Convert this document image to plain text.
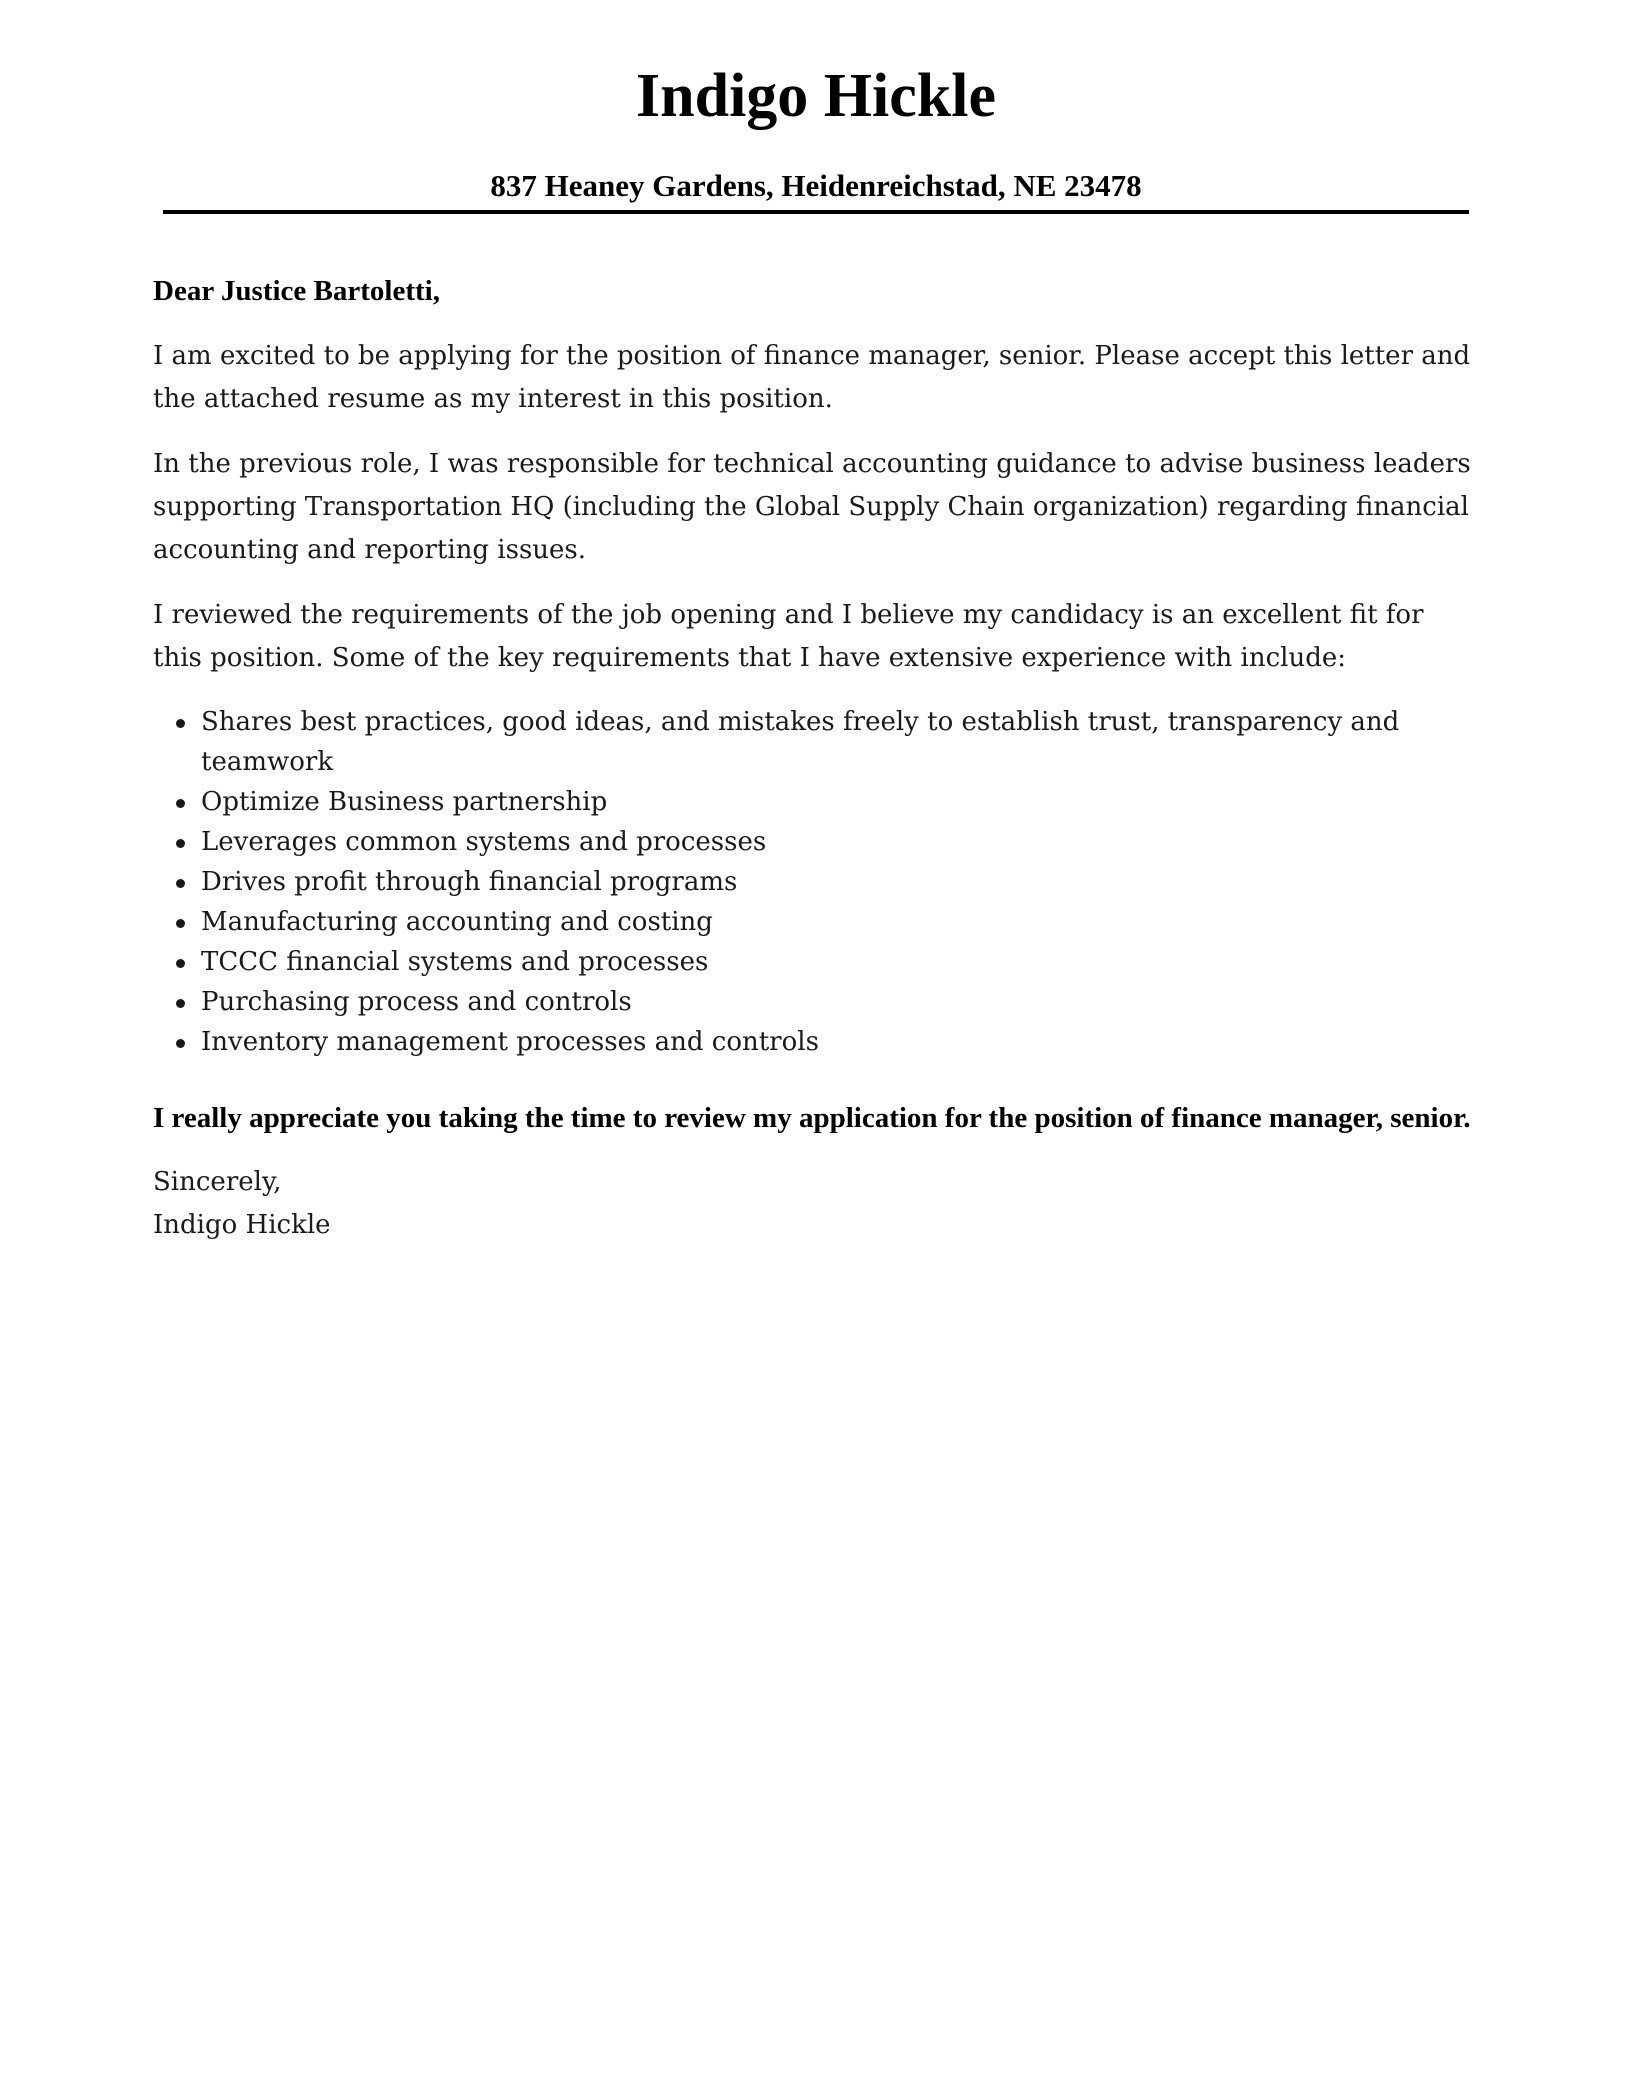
Indigo Hickle
837 Heaney Gardens, Heidenreichstad, NE 23478

Dear Justice Bartoletti,

I am excited to be applying for the position of finance manager, senior. Please accept this letter and the attached resume as my interest in this position.

In the previous role, I was responsible for technical accounting guidance to advise business leaders supporting Transportation HQ (including the Global Supply Chain organization) regarding financial accounting and reporting issues.

I reviewed the requirements of the job opening and I believe my candidacy is an excellent fit for this position. Some of the key requirements that I have extensive experience with include:

Shares best practices, good ideas, and mistakes freely to establish trust, transparency and teamwork
Optimize Business partnership
Leverages common systems and processes
Drives profit through financial programs
Manufacturing accounting and costing
TCCC financial systems and processes
Purchasing process and controls
Inventory management processes and controls

I really appreciate you taking the time to review my application for the position of finance manager, senior.

Sincerely,

Indigo Hickle
